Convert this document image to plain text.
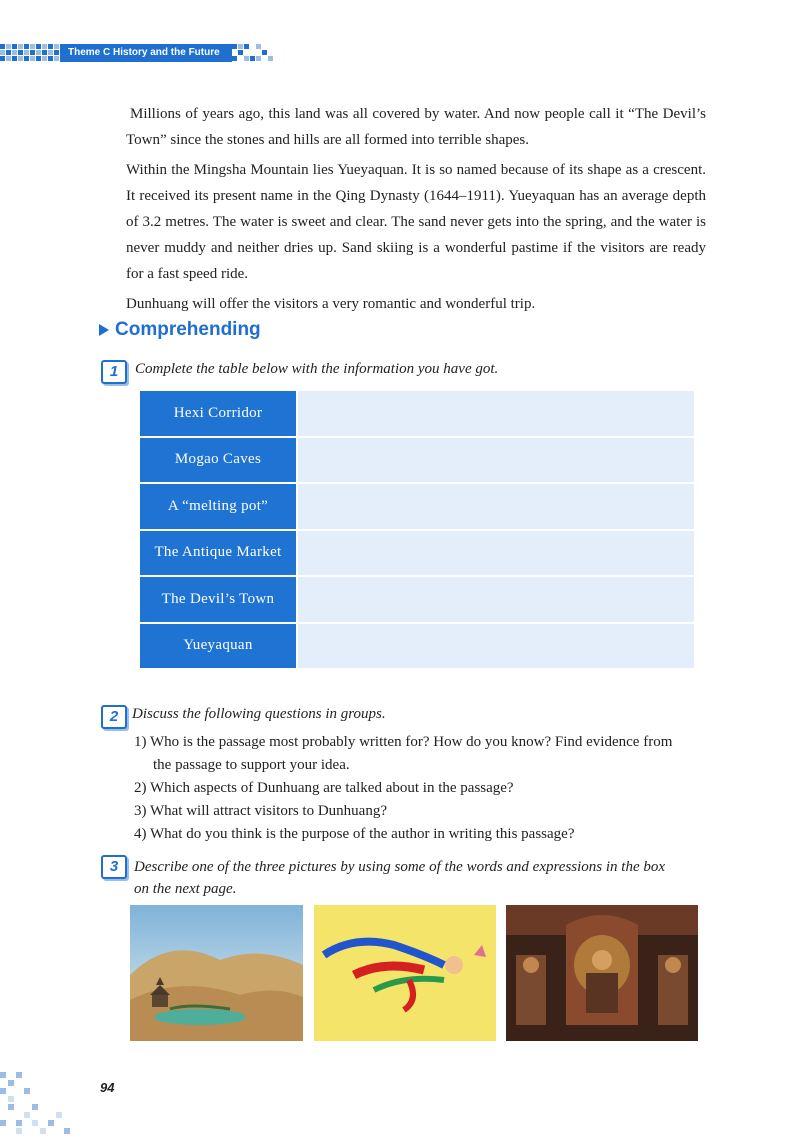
Theme C History and the Future

Millions of years ago, this land was all covered by water. And now people call it “The Devil’s Town” since the stones and hills are all formed into terrible shapes.

Within the Mingsha Mountain lies Yueyaquan. It is so named because of its shape as a crescent. It received its present name in the Qing Dynasty (1644–1911). Yueyaquan has an average depth of 3.2 metres. The water is sweet and clear. The sand never gets into the spring, and the water is never muddy and neither dries up. Sand skiing is a wonderful pastime if the visitors are ready for a fast speed ride.

Dunhuang will offer the visitors a very romantic and wonderful trip.

Comprehending
1	Complete the table below with the information you have got.
Hexi Corridor
Mogao Caves
A “melting pot”
The Antique Market
The Devil’s Town
Yueyaquan
2 Discuss the following questions in groups.
1) Who is the passage most probably written for? How do you know? Find evidence from
the passage to support your idea.
2) Which aspects of Dunhuang are talked about in the passage?
3) What will attract visitors to Dunhuang?
4) What do you think is the purpose of the author in writing this passage?
3	Describe one of the three pictures by using some of the words and expressions in the box
on the next page.
94
